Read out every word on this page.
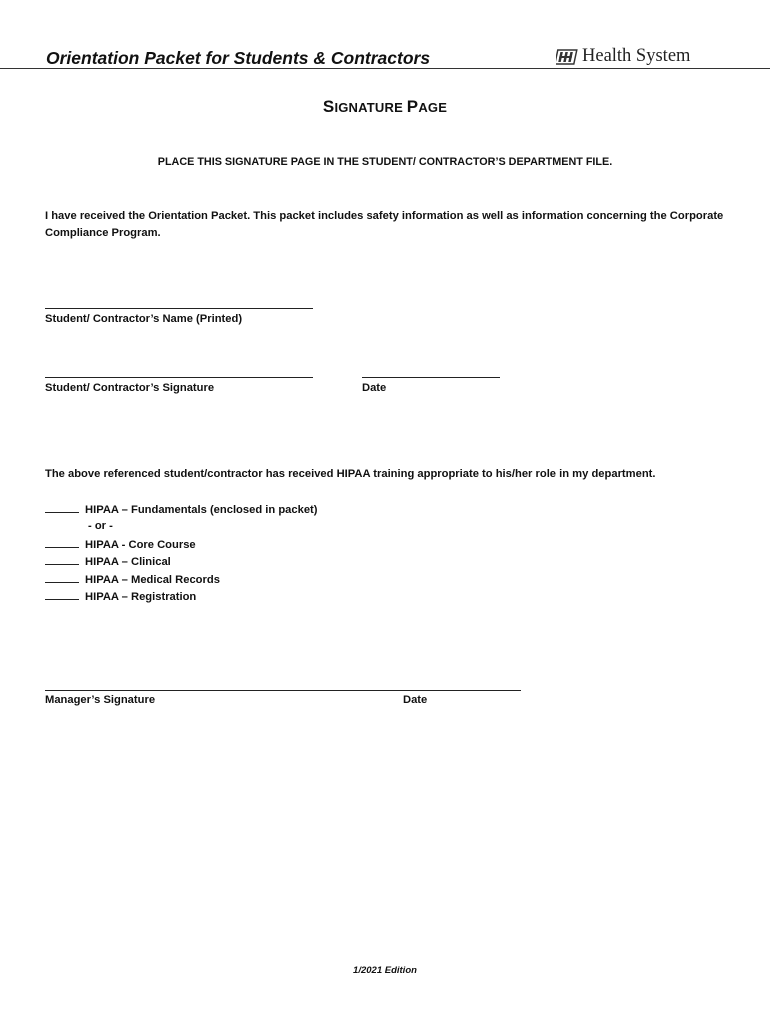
Orientation Packet for Students & Contractors	Health System
SIGNATURE PAGE
PLACE THIS SIGNATURE PAGE IN THE STUDENT/ CONTRACTOR’S DEPARTMENT FILE.
I have received the Orientation Packet. This packet includes safety information as well as information concerning the Corporate Compliance Program.
Student/ Contractor’s Name (Printed)
Student/ Contractor’s Signature	Date
The above referenced student/contractor has received HIPAA training appropriate to his/her role in my department.
HIPAA – Fundamentals (enclosed in packet)
- or -
HIPAA - Core Course
HIPAA – Clinical
HIPAA – Medical Records
HIPAA – Registration
Manager’s Signature	Date
1/2021 Edition
